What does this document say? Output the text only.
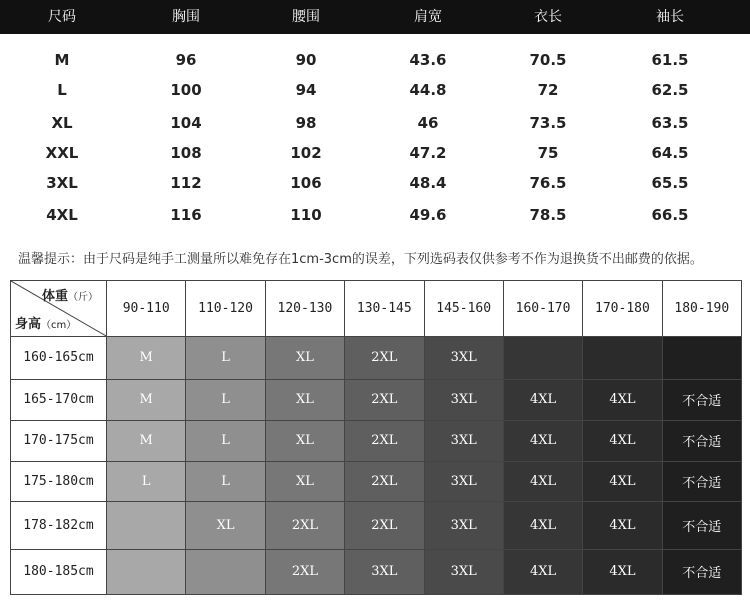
尺码	胸围	腰围	肩宽	衣长	袖长
M	96	90	43.6	70.5	61.5
L	100	94	44.8	72	62.5
XL	104	98	46	73.5	63.5
XXL	108	102	47.2	75	64.5
3XL	112	106	48.4	76.5	65.5
4XL	116	110	49.6	78.5	66.5
温馨提示：由于尺码是纯手工测量所以难免存在1cm-3cm的误差，下列选码表仅供参考不作为退换货不出邮费的依据。
体重（斤）
身高（cm）	90-110	110-120	120-130	130-145	145-160	160-170	170-180	180-190
160-165cm	M	L	XL	2XL	3XL			
165-170cm	M	L	XL	2XL	3XL	4XL	4XL	不合适
170-175cm	M	L	XL	2XL	3XL	4XL	4XL	不合适
175-180cm	L	L	XL	2XL	3XL	4XL	4XL	不合适
178-182cm		XL	2XL	2XL	3XL	4XL	4XL	不合适
180-185cm			2XL	3XL	3XL	4XL	4XL	不合适
